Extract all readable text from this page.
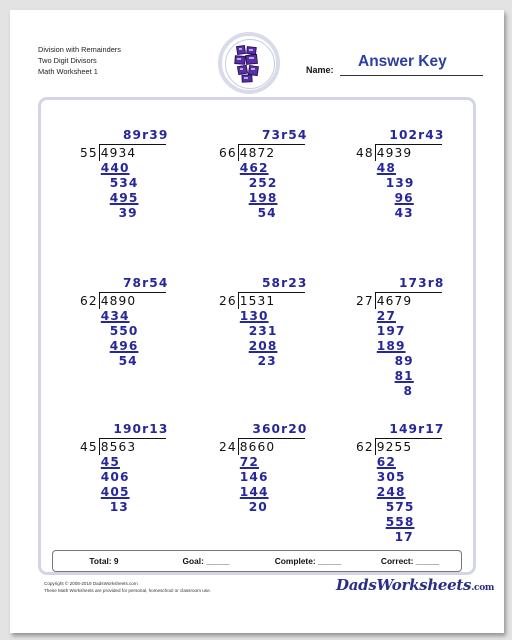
Division with Remainders
Two Digit Divisors
Math Worksheet 1	Name: Answer Key
89r39
55 4934
440
534
495
39
73r54
66 4872
462
252
198
54
102r43
48 4939
48
139
96
43
78r54
62 4890
434
550
496
54
58r23
26 1531
130
231
208
23
173r8
27 4679
27
197
189
89
81
8
190r13
45 8563
45
406
405
13
360r20
24 8660
72
146
144
20
149r17
62 9255
62
305
248
575
558
17
Total: 9	Goal: _____	Complete: _____	Correct: _____
Copyright © 2008-2019 DadsWorksheets.com
These Math Worksheets are provided for personal, homeschool or classroom use.	DadsWorksheets.com
